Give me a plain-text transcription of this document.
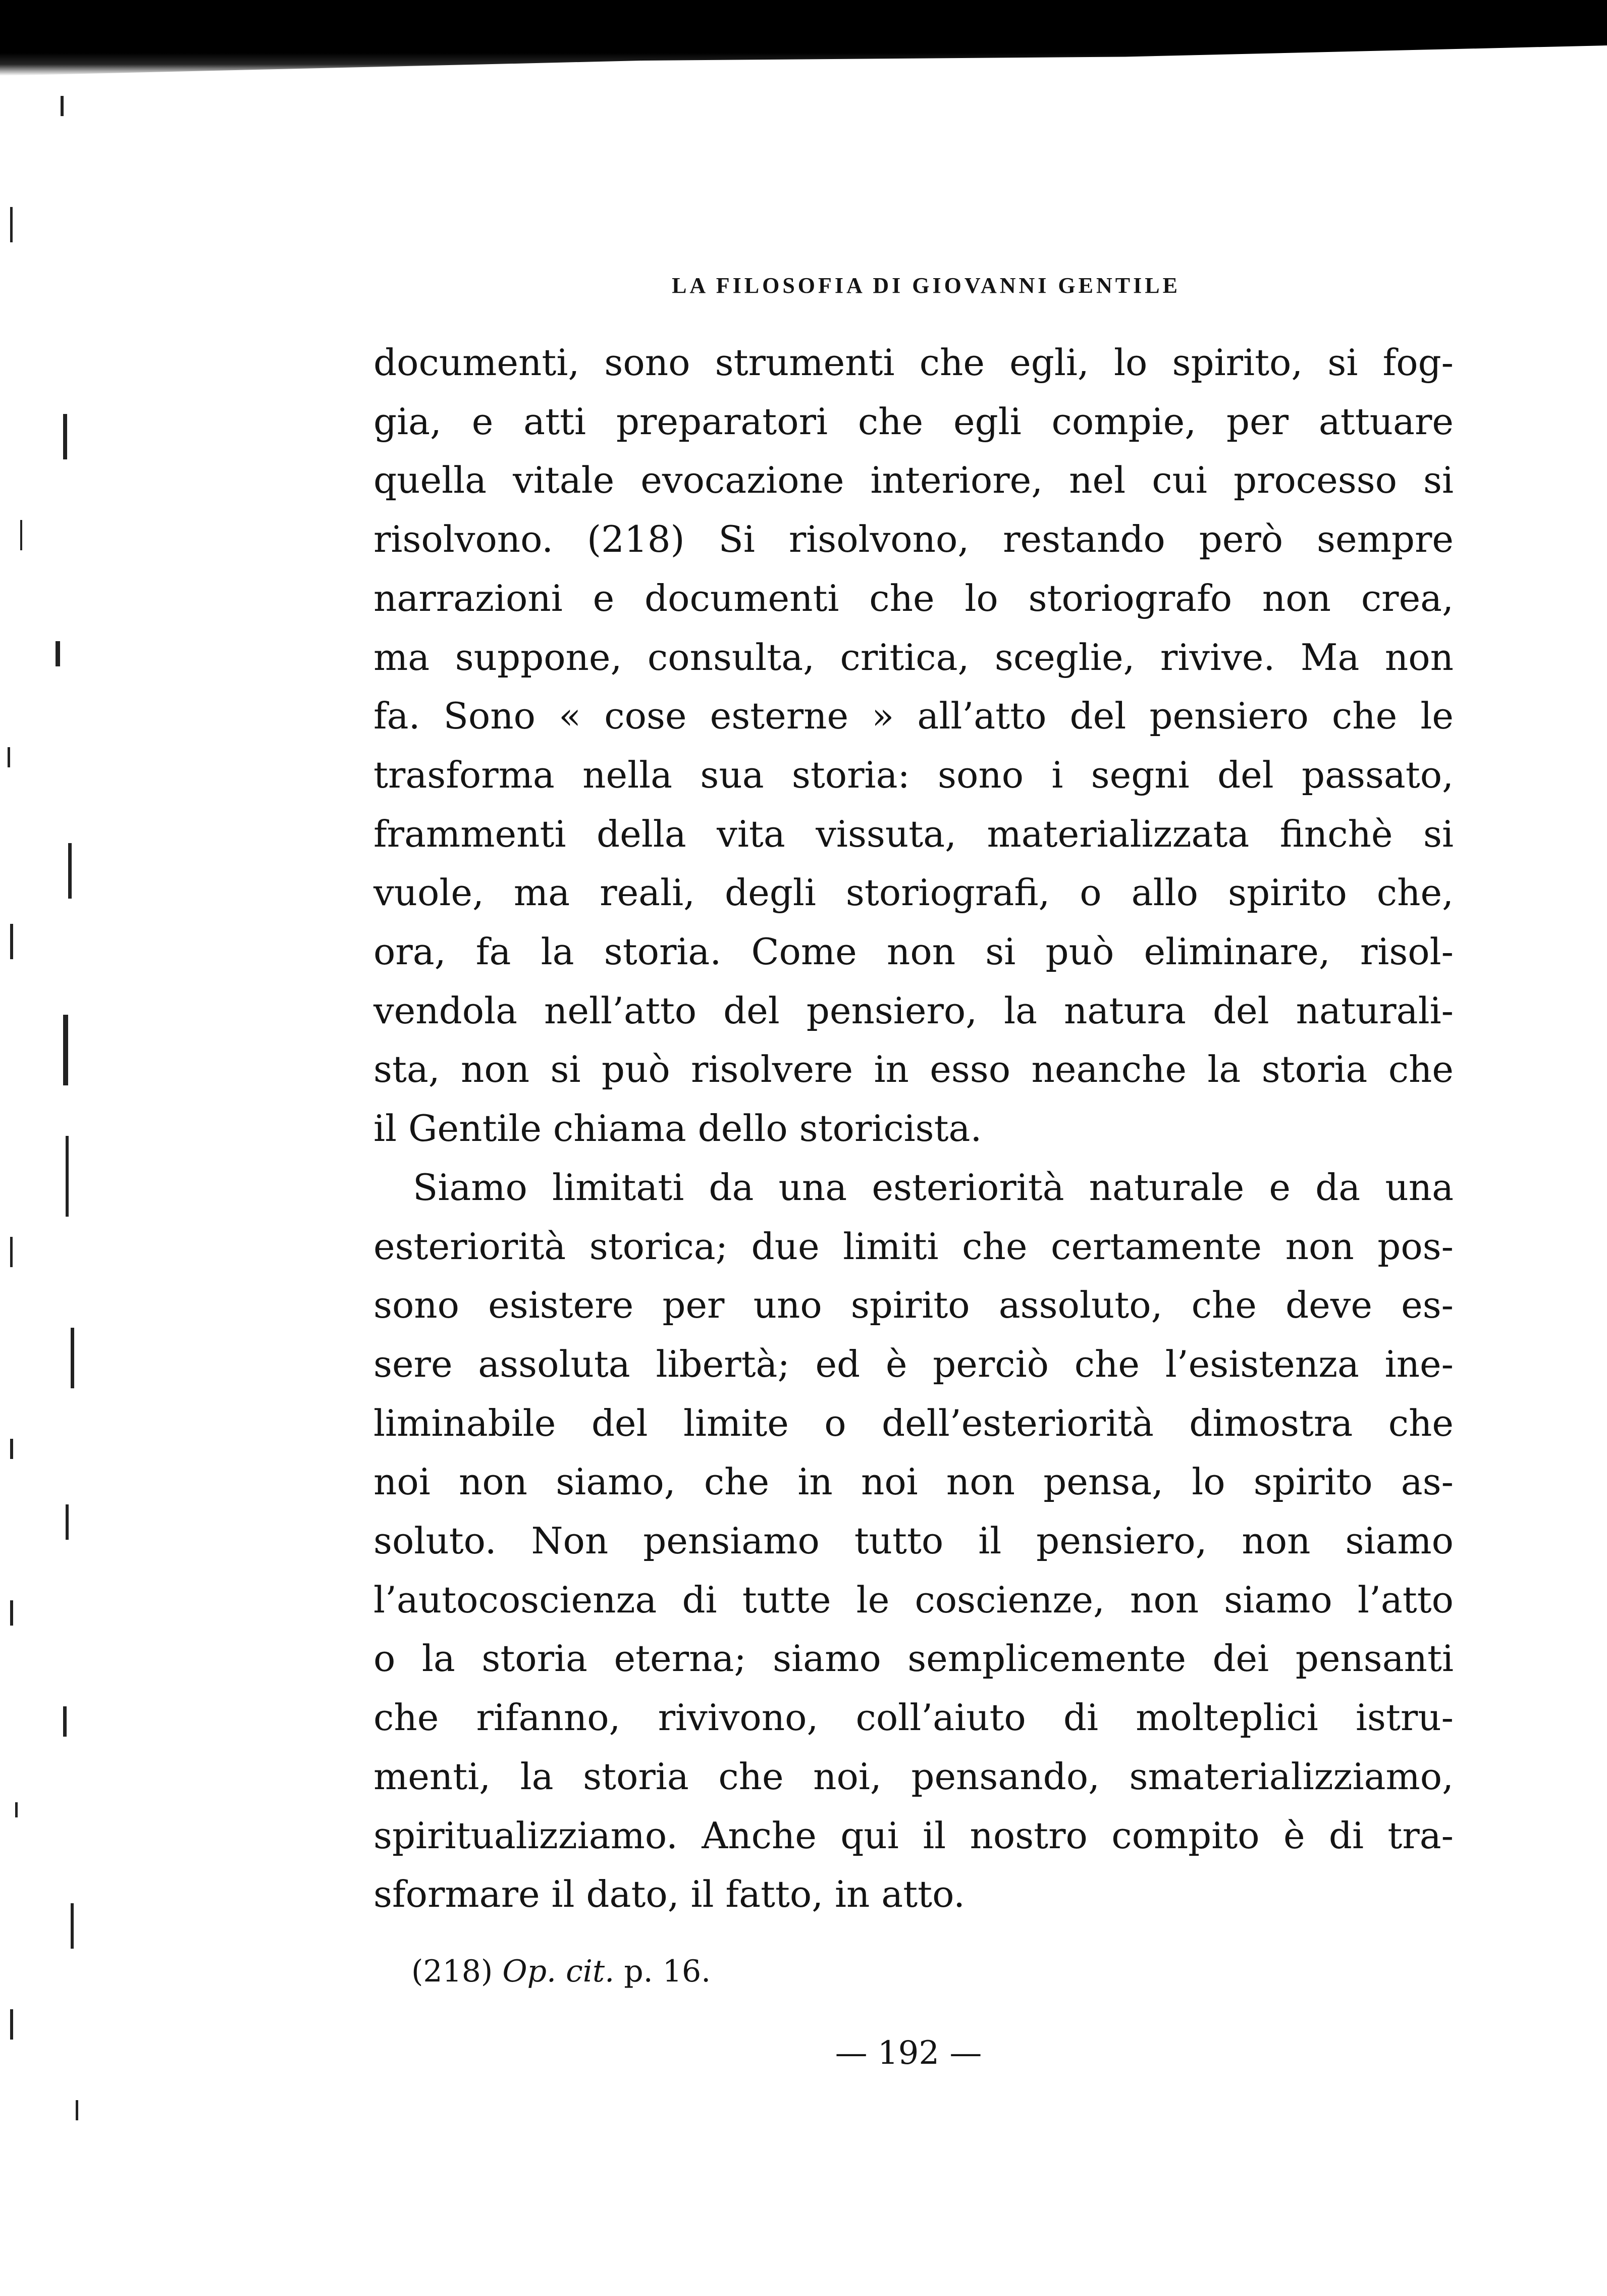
LA FILOSOFIA DI GIOVANNI GENTILE
documenti, sono strumenti che egli, lo spirito, si fog-
gia, e atti preparatori che egli compie, per attuare
quella vitale evocazione interiore, nel cui processo si
risolvono. (218) Si risolvono, restando però sempre
narrazioni e documenti che lo storiografo non crea,
ma suppone, consulta, critica, sceglie, rivive. Ma non
fa. Sono « cose esterne » all’atto del pensiero che le
trasforma nella sua storia: sono i segni del passato,
frammenti della vita vissuta, materializzata finchè si
vuole, ma reali, degli storiografi, o allo spirito che,
ora, fa la storia. Come non si può eliminare, risol-
vendola nell’atto del pensiero, la natura del naturali-
sta, non si può risolvere in esso neanche la storia che
il Gentile chiama dello storicista.
Siamo limitati da una esteriorità naturale e da una
esteriorità storica; due limiti che certamente non pos-
sono esistere per uno spirito assoluto, che deve es-
sere assoluta libertà; ed è perciò che l’esistenza ine-
liminabile del limite o dell’esteriorità dimostra che
noi non siamo, che in noi non pensa, lo spirito as-
soluto. Non pensiamo tutto il pensiero, non siamo
l’autocoscienza di tutte le coscienze, non siamo l’atto
o la storia eterna; siamo semplicemente dei pensanti
che rifanno, rivivono, coll’aiuto di molteplici istru-
menti, la storia che noi, pensando, smaterializziamo,
spiritualizziamo. Anche qui il nostro compito è di tra-
sformare il dato, il fatto, in atto.
(218) Op. cit. p. 16.
— 192 —
